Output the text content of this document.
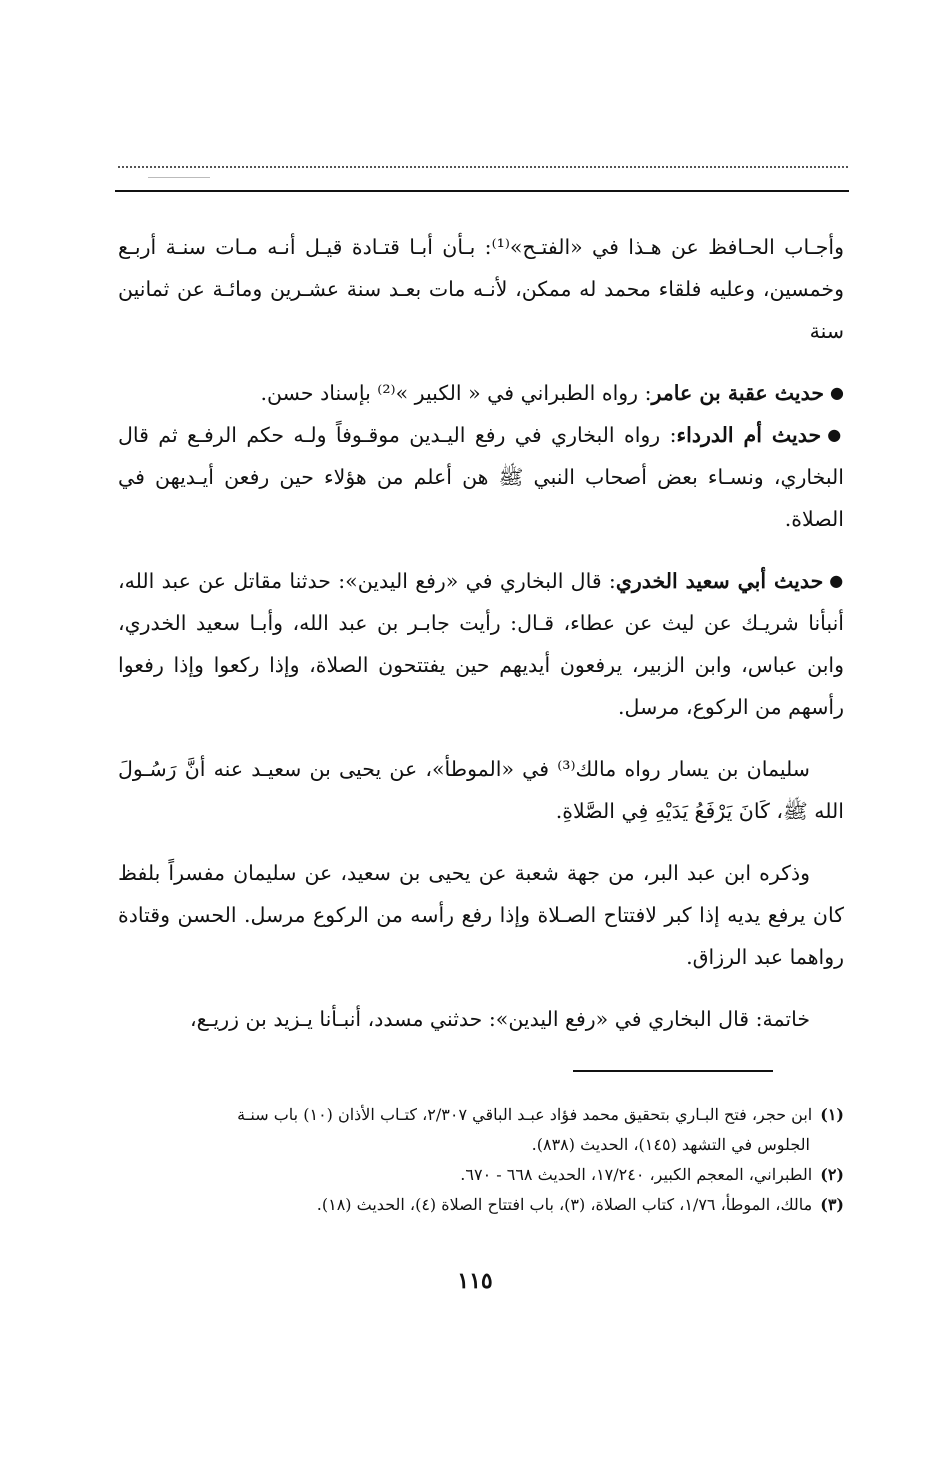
وأجـاب الحـافظ عن هـذا في «الفتـح»⁽¹⁾: بـأن أبـا قتـادة قيـل أنـه مـات سنـة أربـع وخمسين، وعليه فلقاء محمد له ممكن، لأنـه مات بعـد سنة عشـرين ومائـة عن ثمانين سنة

●حديث عقبة بن عامر: رواه الطبراني في « الكبير »⁽²⁾ بإسناد حسن.

●حديث أم الدرداء: رواه البخاري في رفع اليـدين موقـوفاً ولـه حكم الرفـع ثم قال البخاري، ونسـاء بعض أصحاب النبي ﷺ هن أعلم من هؤلاء حين رفعن أيـديهن في الصلاة.

●حديث أبي سعيد الخدري: قال البخاري في «رفع اليدين»: حدثنا مقاتل عن عبد الله، أنبأنا شريـك عن ليث عن عطاء، قـال: رأيت جابـر بن عبد الله، وأبـا سعيد الخدري، وابن عباس، وابن الزبير، يرفعون أيديهم حين يفتتحون الصلاة، وإذا ركعوا وإذا رفعوا رأسهم من الركوع، مرسل.

سليمان بن يسار رواه مالك⁽³⁾ في «الموطأ»، عن يحيى بن سعيـد عنه أنَّ رَسُـولَ الله ﷺ، كَانَ يَرْفَعُ يَدَيْهِ فِي الصَّلاةِ.

وذكره ابن عبد البر، من جهة شعبة عن يحيى بن سعيد، عن سليمان مفسراً بلفظ كان يرفع يديه إذا كبر لافتتاح الصـلاة وإذا رفع رأسه من الركوع مرسل. الحسن وقتادة رواهما عبد الرزاق.

خاتمة: قال البخاري في «رفع اليدين»: حدثني مسدد، أنبـأنا يـزيد بن زريـع،

(١)ابن حجر، فتح البـاري بتحقيق محمد فؤاد عبـد الباقي ٢/٣٠٧، كتـاب الأذان (١٠) باب سنـة
الجلوس في التشهد (١٤٥)، الحديث (٨٣٨).

(٢)الطبراني، المعجم الكبير، ١٧/٢٤٠، الحديث ٦٦٨ - ٦٧٠.

(٣)مالك، الموطأ، ١/٧٦، كتاب الصلاة، (٣)، باب افتتاح الصلاة (٤)، الحديث (١٨).

١١٥
